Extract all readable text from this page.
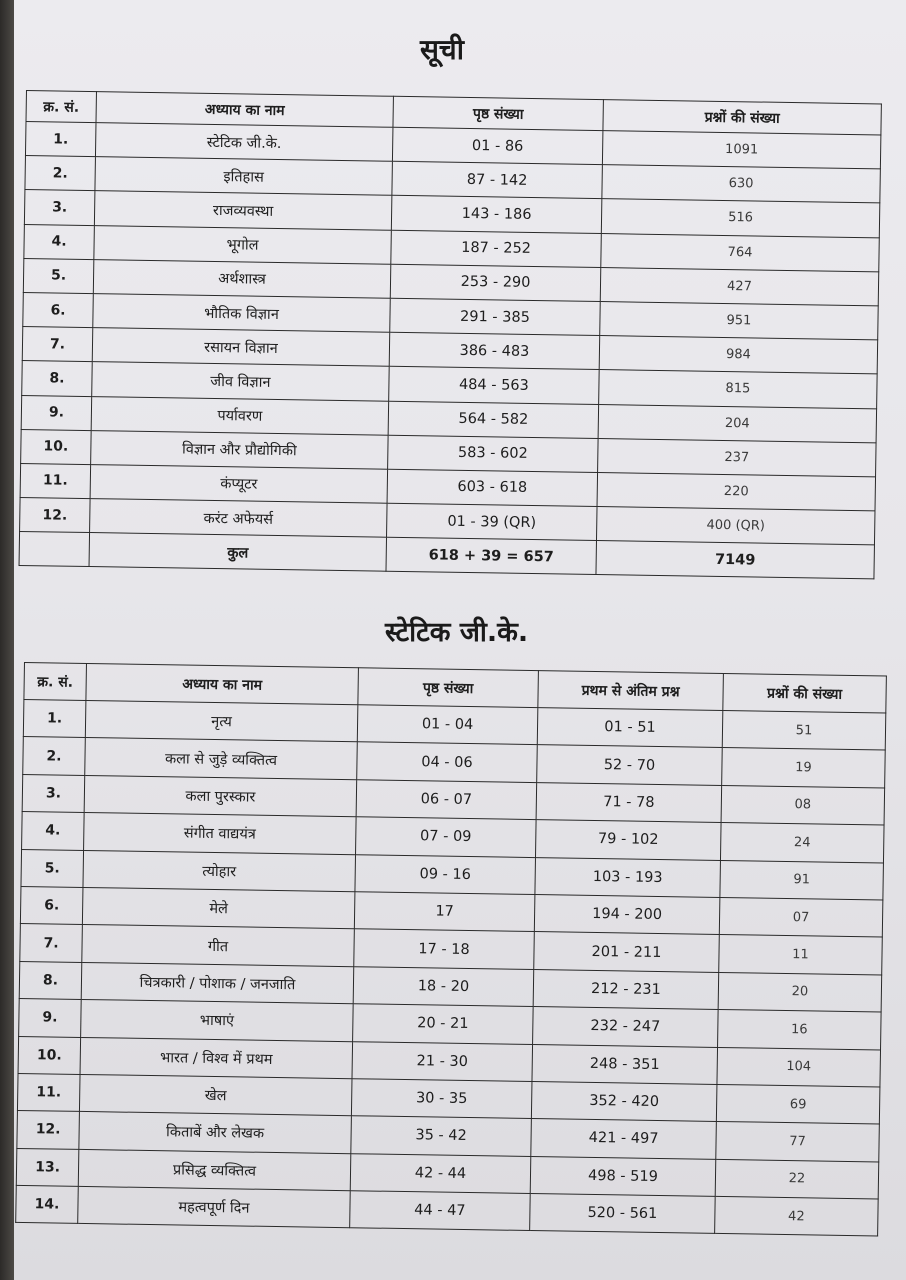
सूची
क्र. सं.	अध्याय का नाम	पृष्ठ संख्या	प्रश्नों की संख्या
1.	स्टेटिक जी.के.	01 - 86	1091
2.	इतिहास	87 - 142	630
3.	राजव्यवस्था	143 - 186	516
4.	भूगोल	187 - 252	764
5.	अर्थशास्त्र	253 - 290	427
6.	भौतिक विज्ञान	291 - 385	951
7.	रसायन विज्ञान	386 - 483	984
8.	जीव विज्ञान	484 - 563	815
9.	पर्यावरण	564 - 582	204
10.	विज्ञान और प्रौद्योगिकी	583 - 602	237
11.	कंप्यूटर	603 - 618	220
12.	करंट अफेयर्स	01 - 39 (QR)	400 (QR)
	कुल	618 + 39 = 657	7149
स्टेटिक जी.के.
क्र. सं.	अध्याय का नाम	पृष्ठ संख्या	प्रथम से अंतिम प्रश्न	प्रश्नों की संख्या
1.	नृत्य	01 - 04	01 - 51	51
2.	कला से जुड़े व्यक्तित्व	04 - 06	52 - 70	19
3.	कला पुरस्कार	06 - 07	71 - 78	08
4.	संगीत वाद्ययंत्र	07 - 09	79 - 102	24
5.	त्योहार	09 - 16	103 - 193	91
6.	मेले	17	194 - 200	07
7.	गीत	17 - 18	201 - 211	11
8.	चित्रकारी / पोशाक / जनजाति	18 - 20	212 - 231	20
9.	भाषाएं	20 - 21	232 - 247	16
10.	भारत / विश्व में प्रथम	21 - 30	248 - 351	104
11.	खेल	30 - 35	352 - 420	69
12.	किताबें और लेखक	35 - 42	421 - 497	77
13.	प्रसिद्ध व्यक्तित्व	42 - 44	498 - 519	22
14.	महत्वपूर्ण दिन	44 - 47	520 - 561	42
